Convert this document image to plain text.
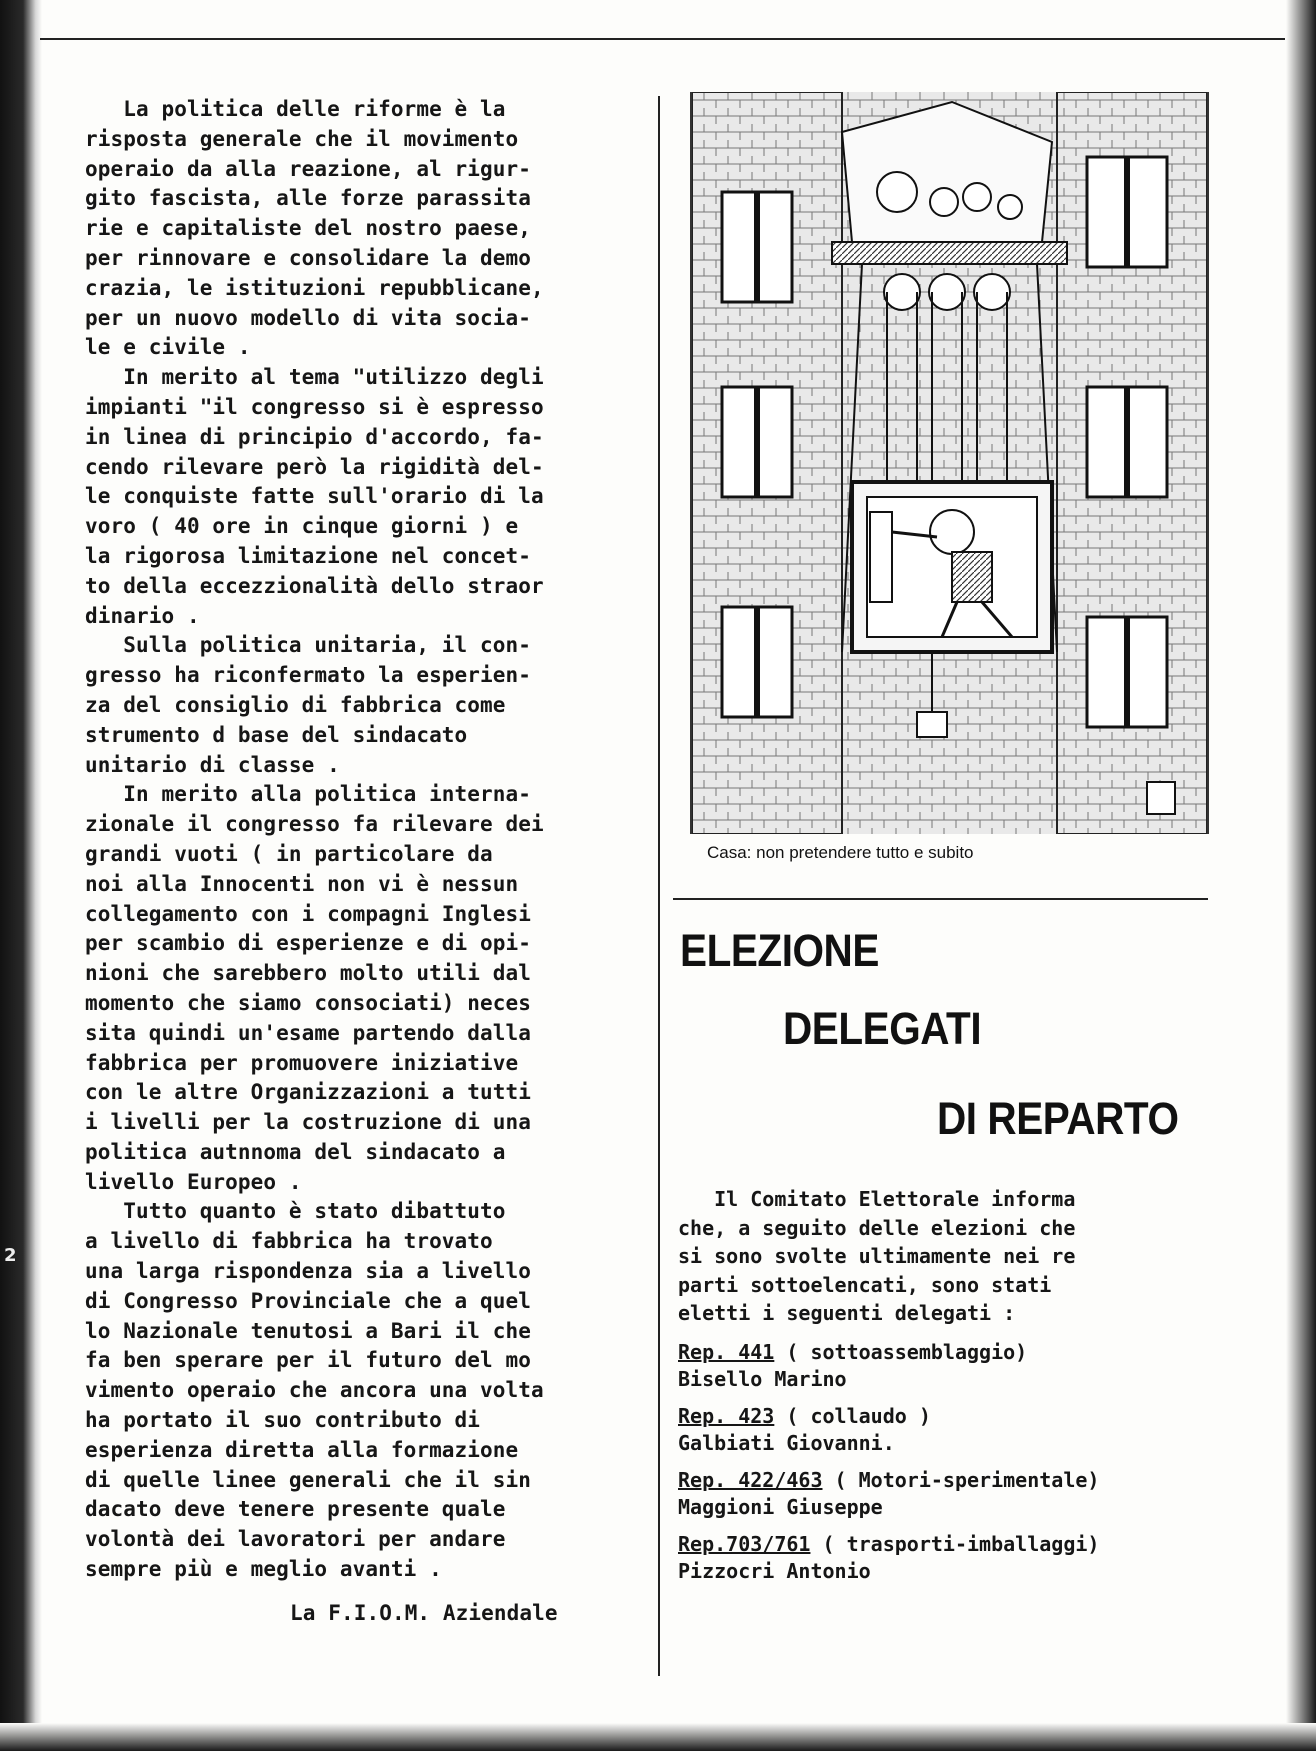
2

La politica delle riforme è la

risposta generale che il movimento

operaio da alla reazione, al rigur-

gito fascista, alle forze parassita

rie e capitaliste del nostro paese,

per rinnovare e consolidare la demo

crazia, le istituzioni repubblicane,

per un nuovo modello di vita socia-

le e civile .

In merito al tema "utilizzo degli

impianti "il congresso si è espresso

in linea di principio d'accordo, fa-

cendo rilevare però la rigidità del-

le conquiste fatte sull'orario di la

voro ( 40 ore in cinque giorni ) e

la rigorosa limitazione nel concet-

to della eccezzionalità dello straor

dinario .

Sulla politica unitaria, il con-

gresso ha riconfermato la esperien-

za del consiglio di fabbrica come

strumento d base del sindacato

unitario di classe .

In merito alla politica interna-

zionale il congresso fa rilevare dei

grandi vuoti ( in particolare da

noi alla Innocenti non vi è nessun

collegamento con i compagni Inglesi

per scambio di esperienze e di opi-

nioni che sarebbero molto utili dal

momento che siamo consociati) neces

sita quindi un'esame partendo dalla

fabbrica per promuovere iniziative

con le altre Organizzazioni a tutti

i livelli per la costruzione di una

politica autnnoma del sindacato a

livello Europeo .

Tutto quanto è stato dibattuto

a livello di fabbrica ha trovato

una larga rispondenza sia a livello

di Congresso Provinciale che a quel

lo Nazionale tenutosi a Bari il che

fa ben sperare per il futuro del mo

vimento operaio che ancora una volta

ha portato il suo contributo di

esperienza diretta alla formazione

di quelle linee generali che il sin

dacato deve tenere presente quale

volontà dei lavoratori per andare

sempre più e meglio avanti .

La F.I.O.M. Aziendale

Casa: non pretendere tutto e subito
ELEZIONE
DELEGATI
DI REPARTO

Il Comitato Elettorale informa

che, a seguito delle elezioni che

si sono svolte ultimamente nei re

parti sottoelencati, sono stati

eletti i seguenti delegati :

Rep. 441 ( sottoassemblaggio)
Bisello Marino
Rep. 423 ( collaudo )
Galbiati Giovanni.
Rep. 422/463 ( Motori-sperimentale)
Maggioni Giuseppe
Rep.703/761 ( trasporti-imballaggi)
Pizzocri Antonio
